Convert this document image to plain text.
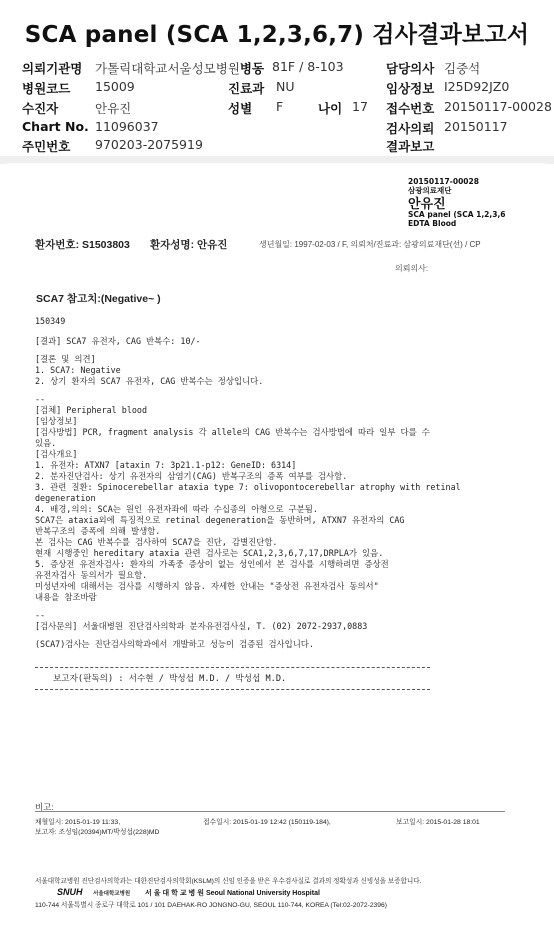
SCA panel (SCA 1,2,3,6,7) 검사결과보고서
의뢰기관명 가톨릭대학교서울성모병원병동 81F / 8-103	담당의사 김중석
병원코드 15009	진료과 NU	임상정보 I25D92JZ0
수진자	안유진	성별 F	나이 17 접수번호 20150117-00028
Chart No. 11096037	검사의뢰 20150117
주민번호 970203-2075919	결과보고
20150117-00028
삼광의료재단
안유진
SCA panel (SCA 1,2,3,6
EDTA Blood
환자번호: S1503803 환자성명: 안유진	생년월일: 1997-02-03 / F, 의뢰처/진료과: 삼광의료재단(선) / CP
의뢰의사:
SCA7 참고치:(Negative~ )
150349
[결과] SCA7 유전자, CAG 반복수: 10/-
[결론 및 의견]
1. SCA7: Negative
2. 상기 환자의 SCA7 유전자, CAG 반복수는 정상입니다.
--
[검체] Peripheral blood
[임상정보]
[검사방법] PCR, fragment analysis 각 allele의 CAG 반복수는 검사방법에 따라 일부 다를 수
있음.
[검사개요]
1. 유전자: ATXN7 [ataxin 7: 3p21.1-p12: GeneID: 6314]
2. 분자진단검사: 상기 유전자의 삼염기(CAG) 반복구조의 증폭 여부를 검사함.
3. 관련 질환: Spinocerebellar ataxia type 7: olivopontocerebellar atrophy with retinal
degeneration
4. 배경,의의: SCA는 원인 유전자좌에 따라 수십종의 아형으로 구분됨.
SCA7은 ataxia외에 특징적으로 retinal degeneration을 동반하며, ATXN7 유전자의 CAG
반복구조의 증폭에 의해 발생함.
본 검사는 CAG 반복수를 검사하여 SCA7을 진단, 감별진단함.
현재 시행중인 hereditary ataxia 관련 검사로는 SCA1,2,3,6,7,17,DRPLA가 있음.
5. 증상전 유전자검사: 환자의 가족중 증상이 없는 성인에서 본 검사를 시행하려면 증상전
유전자검사 동의서가 필요함.
미성년자에 대해서는 검사를 시행하지 않음. 자세한 안내는 "증상전 유전자검사 동의서"
내용을 참조바람
--
[검사문의] 서울대병원 진단검사의학과 분자유전검사실, T. (02) 2072-2937,0883
(SCA7)검사는 진단검사의학과에서 개발하고 성능이 검증된 검사입니다.
보고자(판독의) : 서수현 / 박성섭 M.D. / 박성섭 M.D.
비고:
채혈일시: 2015-01-19 11:33,	접수일시: 2015-01-19 12:42 (150119-184),	보고일시: 2015-01-28 18:01
보고자: 조성임(20394)MT/박성섭(228)MD
서울대학교병원 진단검사의학과는 대한진단검사의학회(KSLM)의 신임 인증을 받은 우수검사실로 결과의 정확성과 신빙성을 보증합니다.
SNUH 서울대학교병원 서 울 대 학 교 병 원 Seoul National University Hospital
110-744 서울특별시 종로구 대학로 101 / 101 DAEHAK-RO JONGNO-GU, SEOUL 110-744, KOREA (Tel:02-2072-2396)
